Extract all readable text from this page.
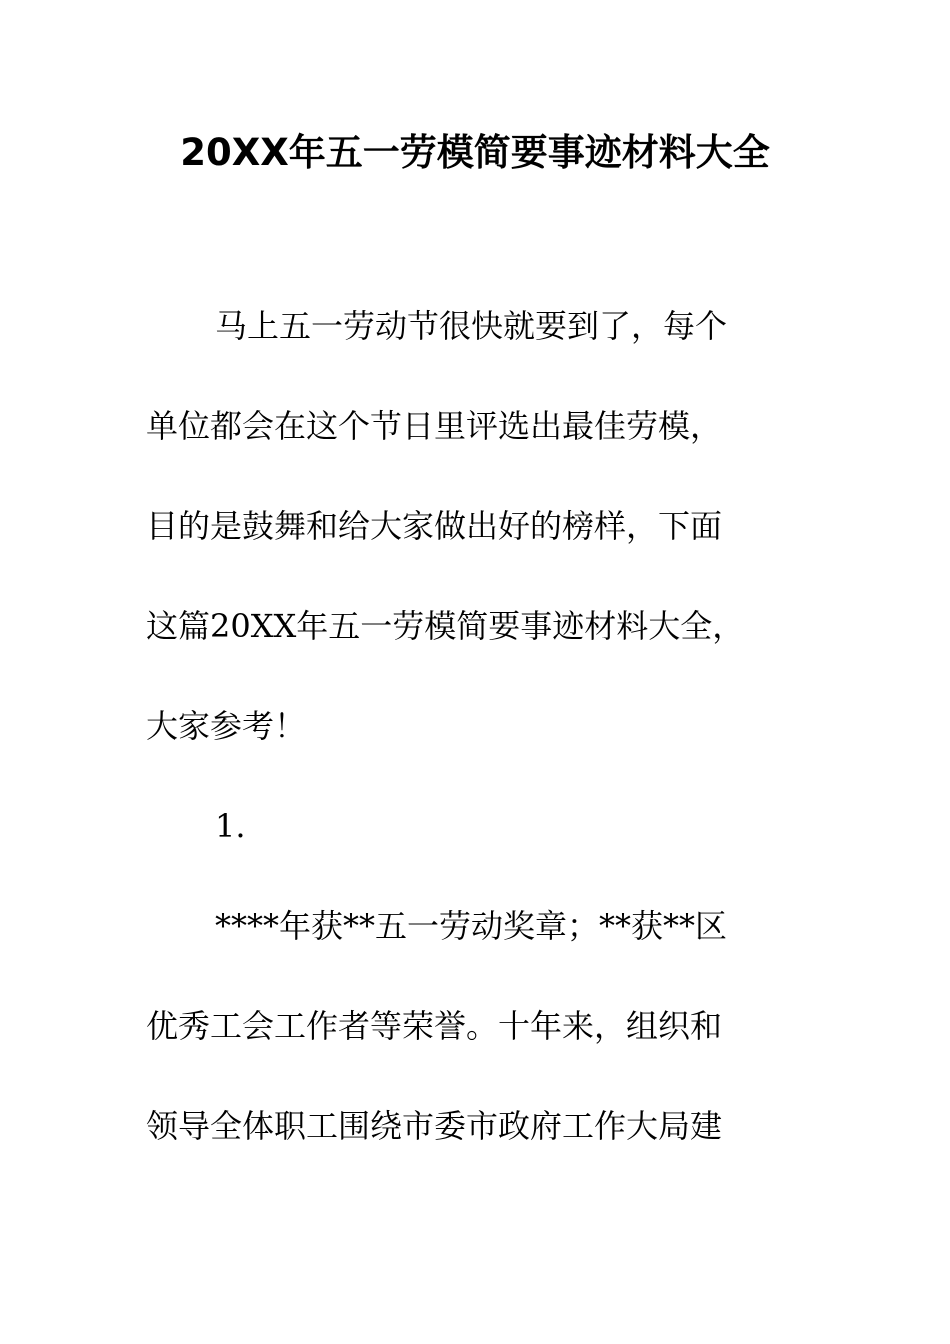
20XX年五一劳模简要事迹材料大全
马上五一劳动节很快就要到了，每个
单位都会在这个节日里评选出最佳劳模，
目的是鼓舞和给大家做出好的榜样，下面
这篇20XX年五一劳模简要事迹材料大全，
大家参考！
1.
****年获**五一劳动奖章；**获**区
优秀工会工作者等荣誉。十年来，组织和
领导全体职工围绕市委市政府工作大局建
